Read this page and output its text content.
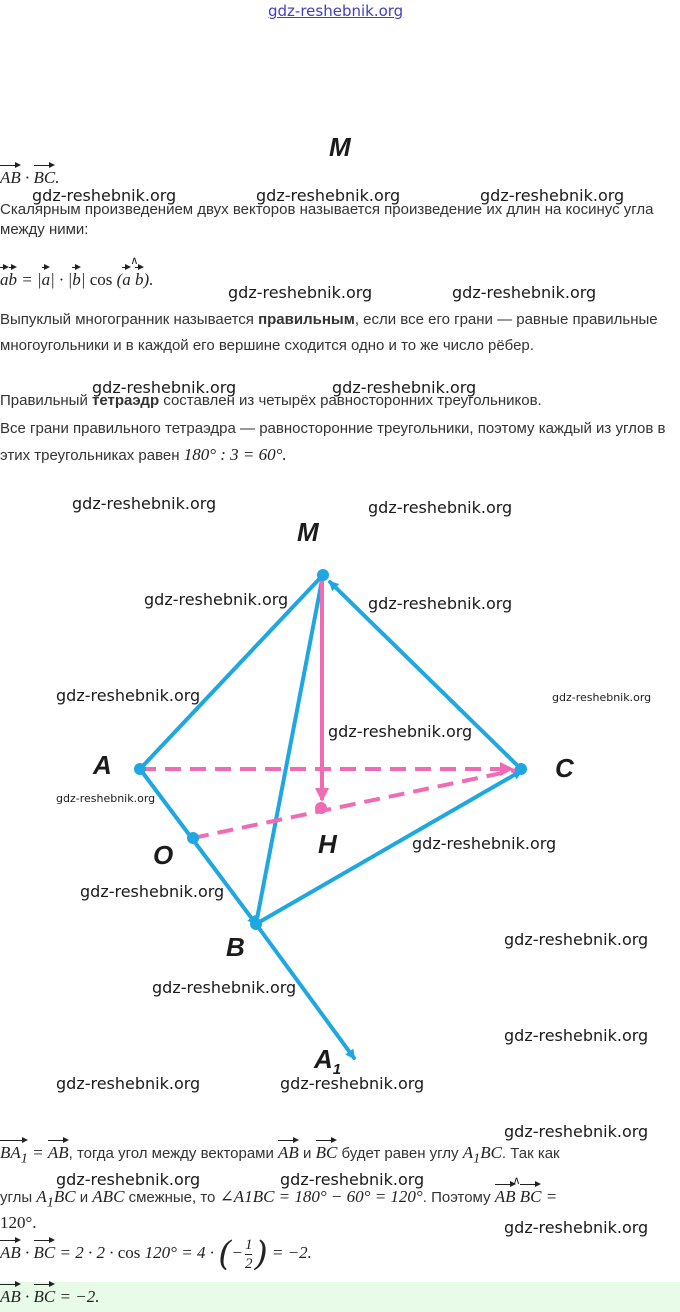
gdz-reshebnik.org
M
AB · BC.
Скалярным произведением двух векторов называется произведение их длин на косинус угла между ними:
ab = |a| · |b| cos (∧ a b).
Выпуклый многогранник называется правильным, если все его грани — равные правильные многоугольники и в каждой его вершине сходится одно и то же число рёбер.
Правильный тетраэдр составлен из четырёх равносторонних треугольников.
Все грани правильного тетраэдра — равносторонние треугольники, поэтому каждый из углов в этих треугольниках равен 180° : 3 = 60°.
M
A	C
O	H
B
$A_1$
$BA_1$ = AB, тогда угол между векторами AB и BC будет равен углу $A_1BC$. Так как
углы $A_1BC$ и ABC смежные, то ∠A1BC = 180° − 60° = 120°. Поэтому ∧ AB BC =
120°.
AB · BC = 2 · 2 · cos 120° = 4 · (− $\frac{1}{2}$ ) = −2.
AB · BC = −2.
gdz-reshebnik.org	gdz-reshebnik.org	gdz-reshebnik.org
gdz-reshebnik.org	gdz-reshebnik.org
gdz-reshebnik.org	gdz-reshebnik.org
gdz-reshebnik.org	gdz-reshebnik.org
gdz-reshebnik.org	gdz-reshebnik.org
gdz-reshebnik.org	gdz-reshebnik.org
gdz-reshebnik.org
gdz-reshebnik.org
gdz-reshebnik.org
gdz-reshebnik.org
gdz-reshebnik.org
gdz-reshebnik.org
gdz-reshebnik.org
gdz-reshebnik.org	gdz-reshebnik.org
gdz-reshebnik.org
gdz-reshebnik.org	gdz-reshebnik.org
gdz-reshebnik.org
